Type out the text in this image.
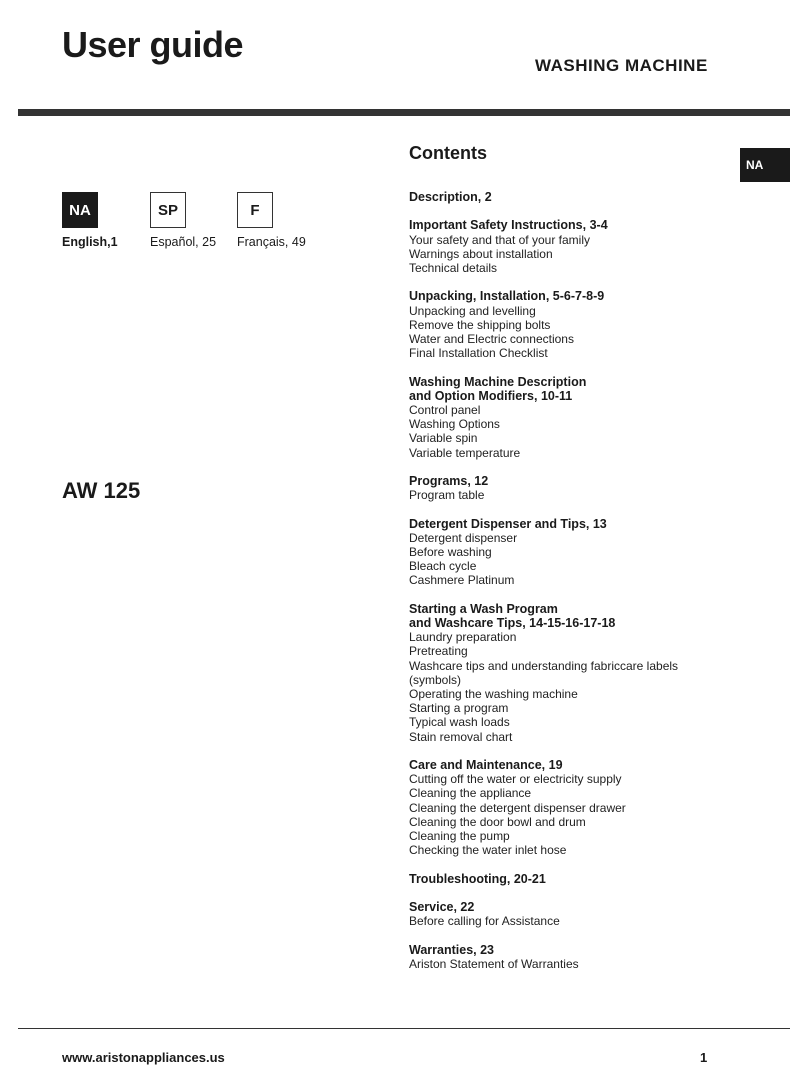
User guide
WASHING MACHINE
NA	SP	F
English,1	Español, 25 Français, 49
AW 125
Contents
NA
Description, 2
Important Safety Instructions, 3-4
Your safety and that of your family
Warnings about installation
Technical details
Unpacking, Installation, 5-6-7-8-9
Unpacking and levelling
Remove the shipping bolts
Water and Electric connections
Final Installation Checklist
Washing Machine Description
and Option Modifiers, 10-11
Control panel
Washing Options
Variable spin
Variable temperature
Programs, 12
Program table
Detergent Dispenser and Tips, 13
Detergent dispenser
Before washing
Bleach cycle
Cashmere Platinum
Starting a Wash Program
and Washcare Tips, 14-15-16-17-18
Laundry preparation
Pretreating
Washcare tips and understanding fabriccare labels
(symbols)
Operating the washing machine
Starting a program
Typical wash loads
Stain removal chart
Care and Maintenance, 19
Cutting off the water or electricity supply
Cleaning the appliance
Cleaning the detergent dispenser drawer
Cleaning the door bowl and drum
Cleaning the pump
Checking the water inlet hose
Troubleshooting, 20-21
Service, 22
Before calling for Assistance
Warranties, 23
Ariston Statement of Warranties
www.aristonappliances.us	1
